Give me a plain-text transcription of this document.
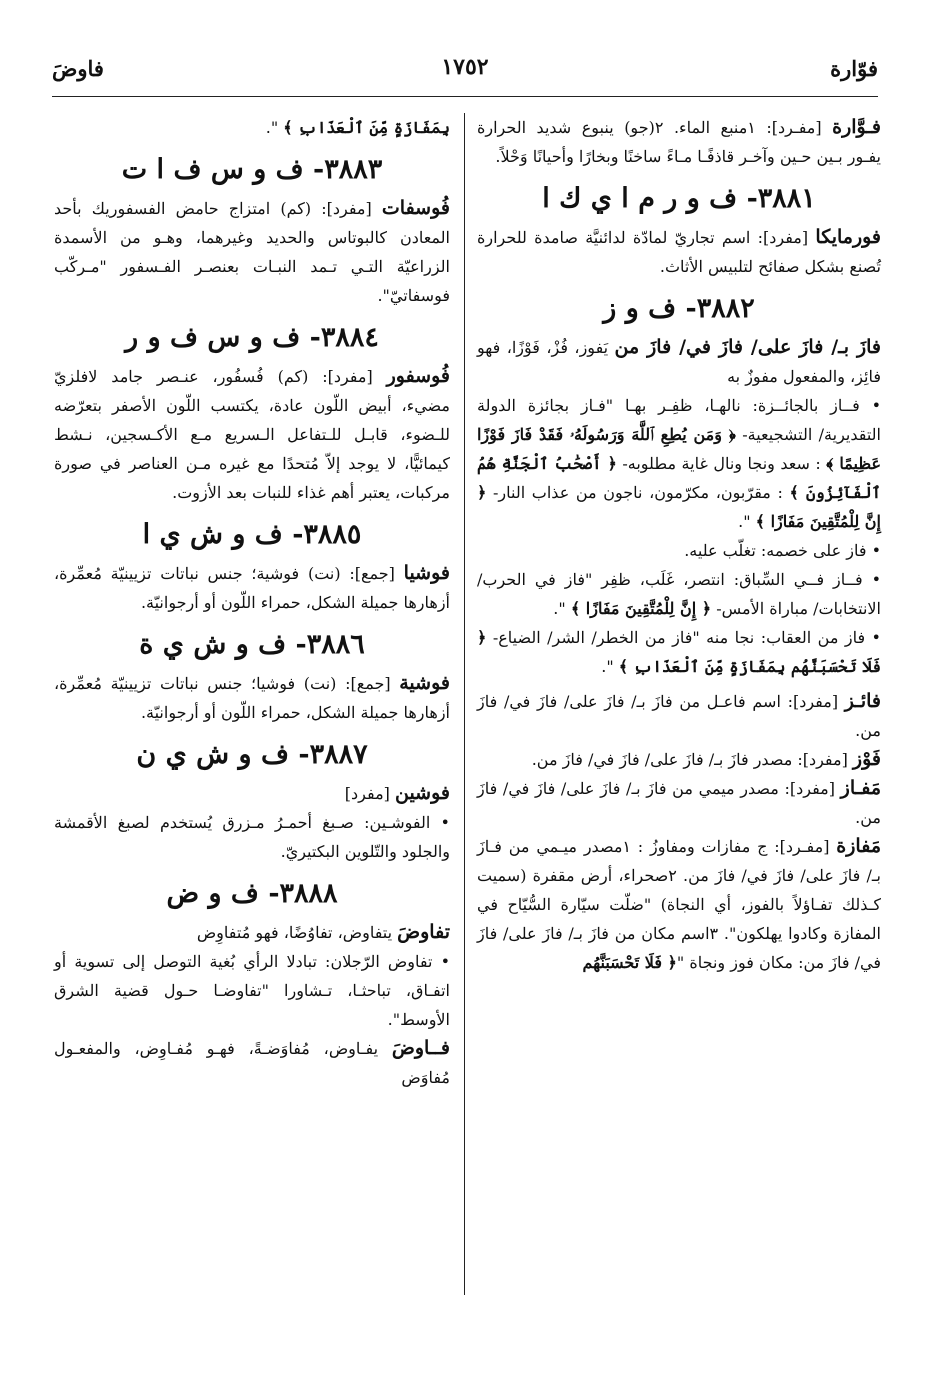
فوّارة
١٧٥٢
فاوضَ

فـوَّارة [مفـرد]: ١منبع الماء. ٢(جو) ينبوع شديد الحرارة يفـور بـين حـين وآخـر قاذفًـا مـاءً ساخنًا وبخارًا وأحيانًا وَحْلاً.

٣٨٨١- ف و ر م ا ي ك ا

فورمايكا [مفرد]: اسم تجاريّ لمادّة لدائنيَّة صامدة للحرارة تُصنع بشكل صفائح لتلبيس الأثاث.

٣٨٨٢- ف و ز

فازَ بـ/ فازَ على/ فازَ في/ فازَ من يَفوز، فُزْ، فَوْزًا، فهو فائِز، والمفعول مفوزٌ به

• فــاز بالجائــزة: نالهـا، ظفِـر بهـا "فـاز بجائزة الدولة التقديرية/ التشجيعية- ﴿ وَمَن يُطِعِ ٱللَّهَ وَرَسُولَهُۥ فَقَدْ فَازَ فَوْزًا عَظِيمًا ﴾ : سعد ونجا ونال غاية مطلوبه- ﴿ أَصْحَٰبُ ٱلْجَنَّةِ هُمُ ٱلْفَآئِزُونَ ﴾ : مقرّبون، مكرّمون، ناجون من عذاب النار- ﴿ إِنَّ لِلْمُتَّقِينَ مَفَازًا ﴾ ".

• فاز على خصمه: تغلّب عليه.

• فــاز فــي السِّباق: انتصر، غَلَب، ظفِر "فاز في الحرب/ الانتخابات/ مباراة الأمس- ﴿ إِنَّ لِلْمُتَّقِينَ مَفَازًا ﴾ ".

• فاز من العقاب: نجا منه "فاز من الخطر/ الشر/ الضياع- ﴿ فَلَا تَحْسَبَنَّهُم بِمَفَازَةٍ مِّنَ ٱلْعَذَابِ ﴾ ".

فائـز [مفرد]: اسم فاعـل من فازَ بـ/ فازَ على/ فازَ في/ فازَ من.

فَوْز [مفرد]: مصدر فازَ بـ/ فازَ على/ فازَ في/ فازَ من.

مَفـاز [مفرد]: مصدر ميمي من فازَ بـ/ فازَ على/ فازَ في/ فازَ من.

مَفازة [مفـرد]: ج مفازات ومفاوزُ : ١مصدر ميـمي من فـازَ بـ/ فازَ على/ فازَ في/ فازَ من. ٢صحراء، أرض مقفرة (سميت كـذلك تفـاؤلاً بالفوز، أي النجاة) "ضلّت سيّارة السُّيّاح في المفازة وكادوا يهلكون". ٣اسم مكان من فازَ بـ/ فازَ على/ فازَ في/ فازَ من: مكان فوز ونجاة "﴿ فَلَا تَحْسَبَنَّهُم

بِمَفَازَةٍ مِّنَ ٱلْعَذَابِ ﴾ ".

٣٨٨٣- ف و س ف ا ت

فُوسفات [مفرد]: (كم) امتزاج حامض الفسفوريك بأحد المعادن كالبوتاس والحديد وغيرهما، وهـو من الأسمدة الزراعيّة التـي تـمد النبـات بعنصـر الفـسفور "مـركّب فوسفاتيّ".

٣٨٨٤- ف و س ف و ر

فُوسفور [مفرد]: (كم) فُسفُور، عنـصر جامد لافلزيّ مضيء، أبيض اللّون عادة، يكتسب اللّون الأصفر بتعرّضه للـضوء، قابـل للـتفاعل الـسريع مـع الأكـسجين، نـشط كيمائيًّا، لا يوجد إلاّ مُتحدًا مع غيره مـن العناصر في صورة مركبات، يعتبر أهم غذاء للنبات بعد الأزوت.

٣٨٨٥- ف و ش ي ا

فوشيا [جمع]: (نت) فوشية؛ جنس نباتات تزيينيّة مُعمِّرة، أزهارها جميلة الشكل، حمراء اللّون أو أرجوانيّة.

٣٨٨٦- ف و ش ي ة

فوشية [جمع]: (نت) فوشيا؛ جنس نباتات تزيينيّة مُعمِّرة، أزهارها جميلة الشكل، حمراء اللّون أو أرجوانيّة.

٣٨٨٧- ف و ش ي ن

فوشين [مفرد]

• الفوشـين: صـبغ أحمـرُ مـزرق يُستخدم لصبغ الأقمشة والجلود والتّلوين البكتيريّ.

٣٨٨٨- ف و ض

تفاوضَ يتفاوض، تفاوُضًا، فهو مُتفاوِض

• تفاوض الرّجلان: تبادلا الرأي بُغية التوصل إلى تسوية أو اتفـاق، تباحثـا، تـشاورا "تفاوضـا حـول قضية الشرق الأوسط".

فــاوضَ يفـاوض، مُفاوَضـةً، فهـو مُفـاوِض، والمفعـول مُفاوَض
